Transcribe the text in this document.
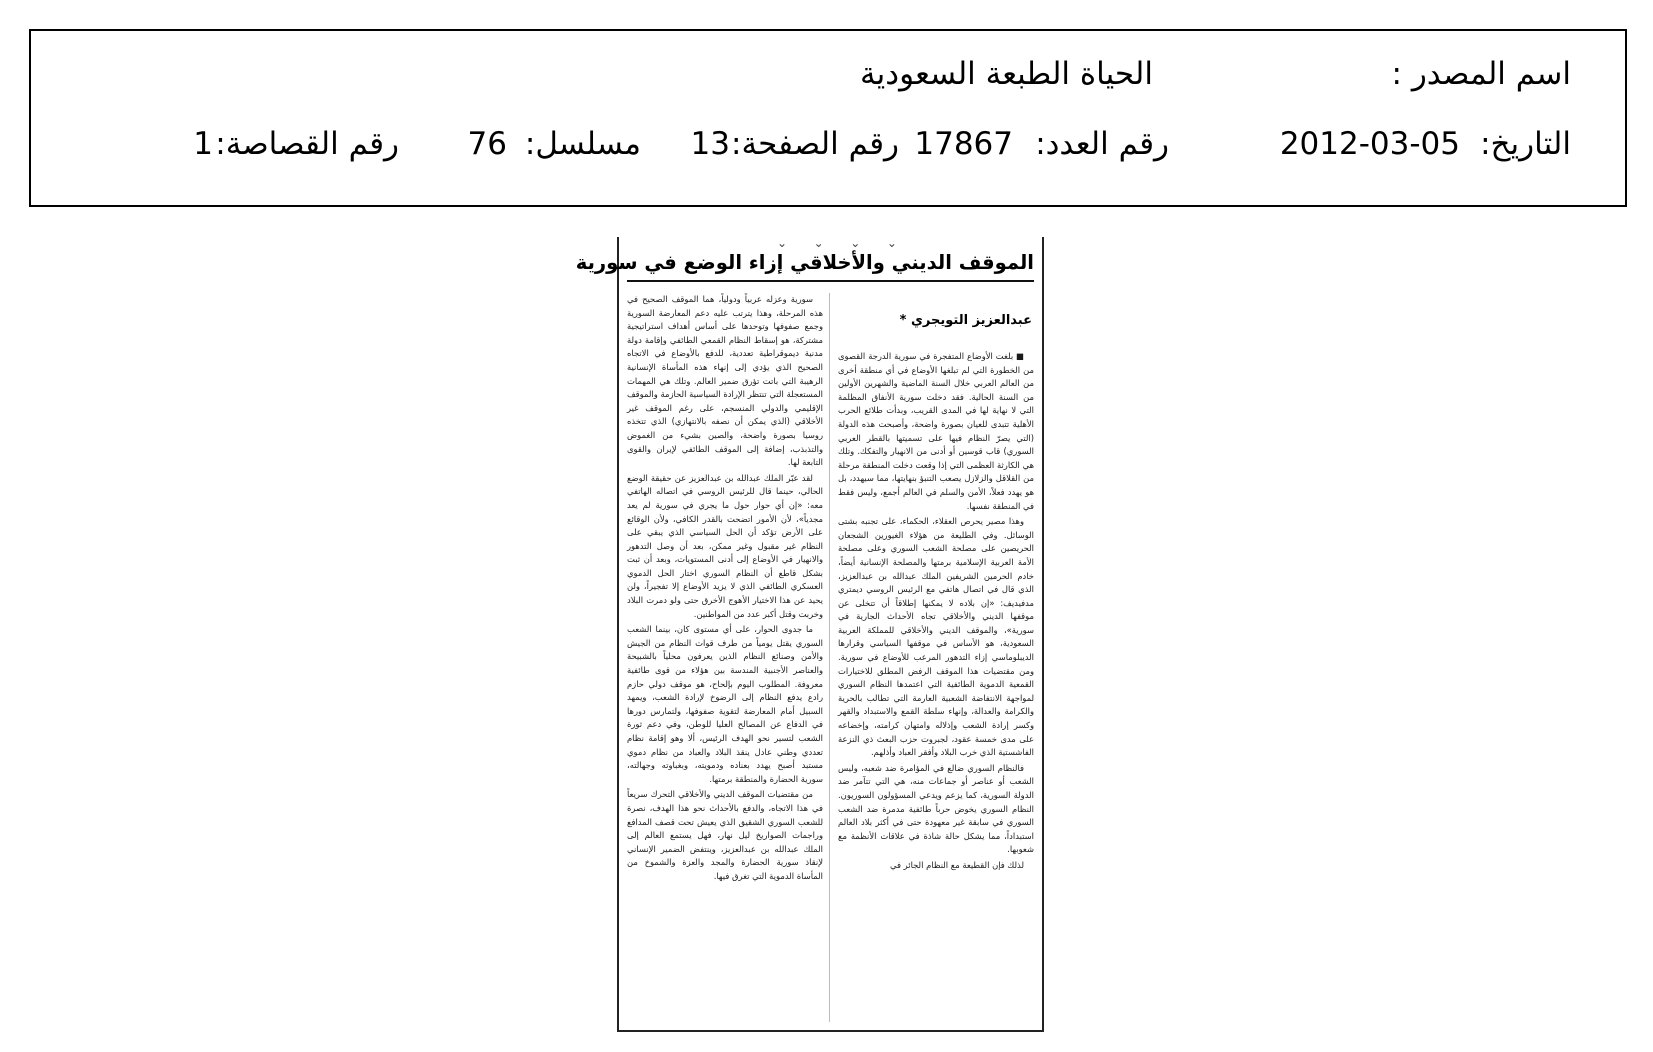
اسم المصدر :
الحياة الطبعة السعودية
التاريخ:
2012-03-05
رقم العدد:
17867
رقم الصفحة:
13
مسلسل:
76
رقم القصاصة:
1
⌄ ⌄ ⌄ ⌄
الموقف الديني والأخلاقي إزاء الوضع في سورية
عبدالعزيز التويجري *

■ بلغت الأوضاع المتفجرة في سورية الدرجة القصوى من الخطورة التي لم تبلغها الأوضاع في أي منطقة أخرى من العالم العربي خلال السنة الماضية والشهرين الأولين من السنة الحالية. فقد دخلت سورية الأنفاق المظلمة التي لا نهاية لها في المدى القريب، وبدأت طلائع الحرب الأهلية تتبدى للعيان بصورة واضحة، وأصبحت هذه الدولة (التي يصرّ النظام فيها على تسميتها بالقطر العربي السوري) قاب قوسين أو أدنى من الانهيار والتفكك. وتلك هي الكارثة العظمى التي إذا وقعت دخلت المنطقة مرحلة من القلاقل والزلازل يصعب التنبؤ بنهايتها، مما سيهدد، بل هو يهدد فعلاً، الأمن والسلم في العالم أجمع، وليس فقط في المنطقة نفسها.

وهذا مصير يحرص العقلاء، الحكماء، على تجنبه بشتى الوسائل. وفي الطليعة من هؤلاء الغيورين الشجعان الحريصين على مصلحة الشعب السوري وعلى مصلحة الأمة العربية الإسلامية برمتها والمصلحة الإنسانية أيضاً، خادم الحرمين الشريفين الملك عبدالله بن عبدالعزيز، الذي قال في اتصال هاتفي مع الرئيس الروسي ديمتري مدفيديف: «إن بلاده لا يمكنها إطلاقاً أن تتخلى عن موقفها الديني والأخلاقي تجاه الأحداث الجارية في سورية»، والموقف الديني والأخلاقي للمملكة العربية السعودية، هو الأساس في موقفها السياسي وقرارها الديبلوماسي إزاء التدهور المرعب للأوضاع في سورية. ومن مقتضيات هذا الموقف الرفض المطلق للاختيارات القمعية الدموية الطائفية التي اعتمدها النظام السوري لمواجهة الانتفاضة الشعبية العارمة التي تطالب بالحرية والكرامة والعدالة، وإنهاء سلطة القمع والاستبداد والقهر وكسر إرادة الشعب وإذلاله وامتهان كرامته، وإخضاعه على مدى خمسة عقود، لجبروت حزب البعث ذي النزعة الفاشستية الذي خرب البلاد وأفقر العباد وأذلهم.

فالنظام السوري ضالع في المؤامرة ضد شعبه، وليس الشعب أو عناصر أو جماعات منه، هي التي تتآمر ضد الدولة السورية، كما يزعم ويدعي المسؤولون السوريون. النظام السوري يخوض حرباً طائفية مدمرة ضد الشعب السوري في سابقة غير معهودة حتى في أكثر بلاد العالم استبداداً، مما يشكل حالة شاذة في علاقات الأنظمة مع شعوبها.

لذلك فإن القطيعة مع النظام الجائر في

سورية وعزله عربياً ودولياً، هما الموقف الصحيح في هذه المرحلة، وهذا يترتب عليه دعم المعارضة السورية وجمع صفوفها وتوحدها على أساس أهداف استراتيجية مشتركة، هو إسقاط النظام القمعي الطائفي وإقامة دولة مدنية ديموقراطية تعددية، للدفع بالأوضاع في الاتجاه الصحيح الذي يؤدي إلى إنهاء هذه المأساة الإنسانية الرهيبة التي باتت تؤرق ضمير العالم. وتلك هي المهمات المستعجلة التي تنتظر الإرادة السياسية الحازمة والموقف الإقليمي والدولي المنسجم، على رغم الموقف غير الأخلاقي (الذي يمكن أن نصفه بالانتهازي) الذي تتخذه روسيا بصورة واضحة، والصين بشيء من الغموض والتذبذب، إضافة إلى الموقف الطائفي لإيران والقوى التابعة لها.

لقد عبّر الملك عبدالله بن عبدالعزيز عن حقيقة الوضع الحالي، حينما قال للرئيس الروسي في اتصاله الهاتفي معه: «إن أي حوار حول ما يجري في سورية لم يعد مجدياً»، لأن الأمور اتضحت بالقدر الكافي، ولأن الوقائع على الأرض تؤكد أن الحل السياسي الذي يبقي على النظام غير مقبول وغير ممكن، بعد أن وصل التدهور والانهيار في الأوضاع إلى أدنى المستويات، وبعد أن ثبت بشكل قاطع أن النظام السوري اختار الحل الدموي العسكري الطائفي الذي لا يزيد الأوضاع إلا تفجيراً، ولن يحيد عن هذا الاختيار الأهوج الأخرق حتى ولو دمرت البلاد وخربت وقتل أكبر عدد من المواطنين.

ما جدوى الحوار، على أي مستوى كان، بينما الشعب السوري يقتل يومياً من طرف قوات النظام من الجيش والأمن وصنائع النظام الذين يعرفون محلياً بالشبيحة والعناصر الأجنبية المندسة بين هؤلاء من قوى طائفية معروفة. المطلوب اليوم بإلحاح، هو موقف دولي حازم رادع يدفع النظام إلى الرضوخ لإرادة الشعب، ويمهد السبيل أمام المعارضة لتقوية صفوفها، ولتمارس دورها في الدفاع عن المصالح العليا للوطن، وفي دعم ثورة الشعب لتسير نحو الهدف الرئيس، ألا وهو إقامة نظام تعددي وطني عادل ينقذ البلاد والعباد من نظام دموي مستبد أصبح يهدد بعناده ودمويته، وبغباوته وجهالته، سورية الحضارة والمنطقة برمتها.

من مقتضيات الموقف الديني والأخلاقي التحرك سريعاً في هذا الاتجاه، والدفع بالأحداث نحو هذا الهدف، نصرة للشعب السوري الشقيق الذي يعيش تحت قصف المدافع وراجمات الصواريخ ليل نهار، فهل يستمع العالم إلى الملك عبدالله بن عبدالعزيز، وينتفض الضمير الإنساني لإنقاذ سورية الحضارة والمجد والعزة والشموخ من المأساة الدموية التي تغرق فيها.
